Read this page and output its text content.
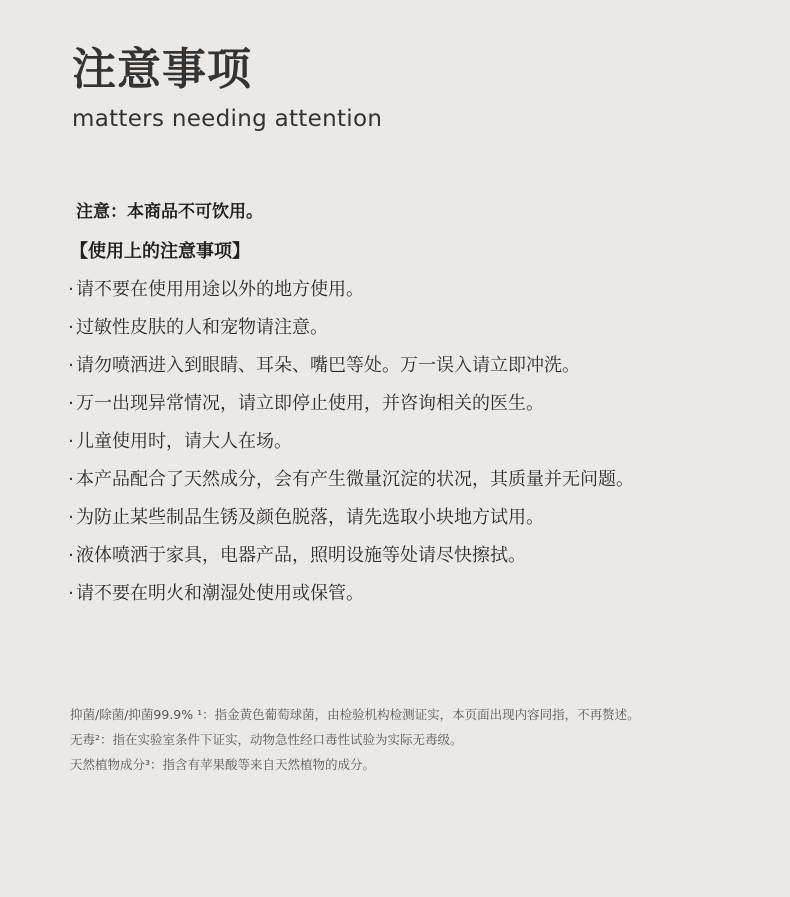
注意事项
matters needing attention
注意：本商品不可饮用。
【使用上的注意事项】
· 请不要在使用用途以外的地方使用。
· 过敏性皮肤的人和宠物请注意。
· 请勿喷洒进入到眼睛、耳朵、嘴巴等处。万一误入请立即冲洗。
· 万一出现异常情况，请立即停止使用，并咨询相关的医生。
· 儿童使用时，请大人在场。
· 本产品配合了天然成分，会有产生微量沉淀的状况，其质量并无问题。
· 为防止某些制品生锈及颜色脱落，请先选取小块地方试用。
· 液体喷洒于家具，电器产品，照明设施等处请尽快擦拭。
· 请不要在明火和潮湿处使用或保管。
抑菌/除菌/抑菌99.9% ¹：指金黄色葡萄球菌，由检验机构检测证实，本页面出现内容同指，不再赘述。
无毒²：指在实验室条件下证实，动物急性经口毒性试验为实际无毒级。
天然植物成分³：指含有苹果酸等来自天然植物的成分。
